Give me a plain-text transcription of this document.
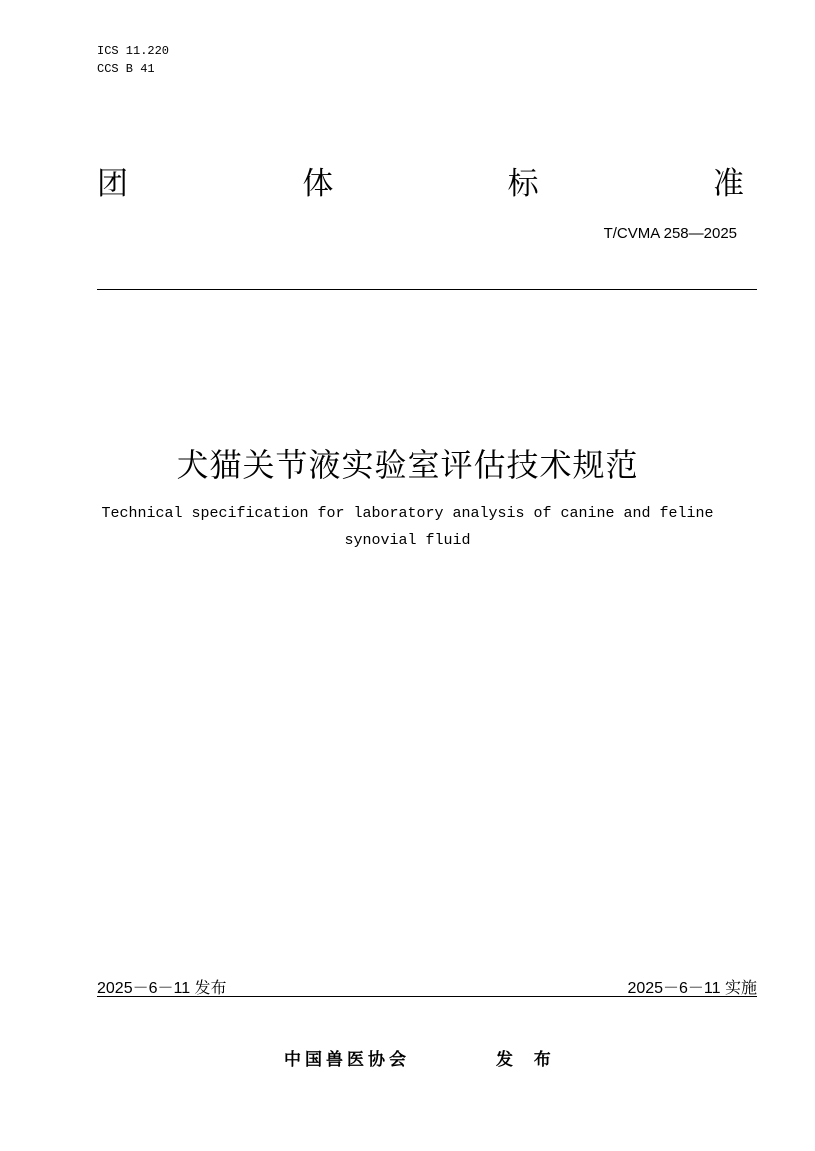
ICS 11.220
CCS B 41
团	体	标	准
T/CVMA 258—2025
犬猫关节液实验室评估技术规范
Technical specification for laboratory analysis of canine and feline
synovial fluid
2025－6－11 发布	2025－6－11 实施
中国兽医协会	发 布
